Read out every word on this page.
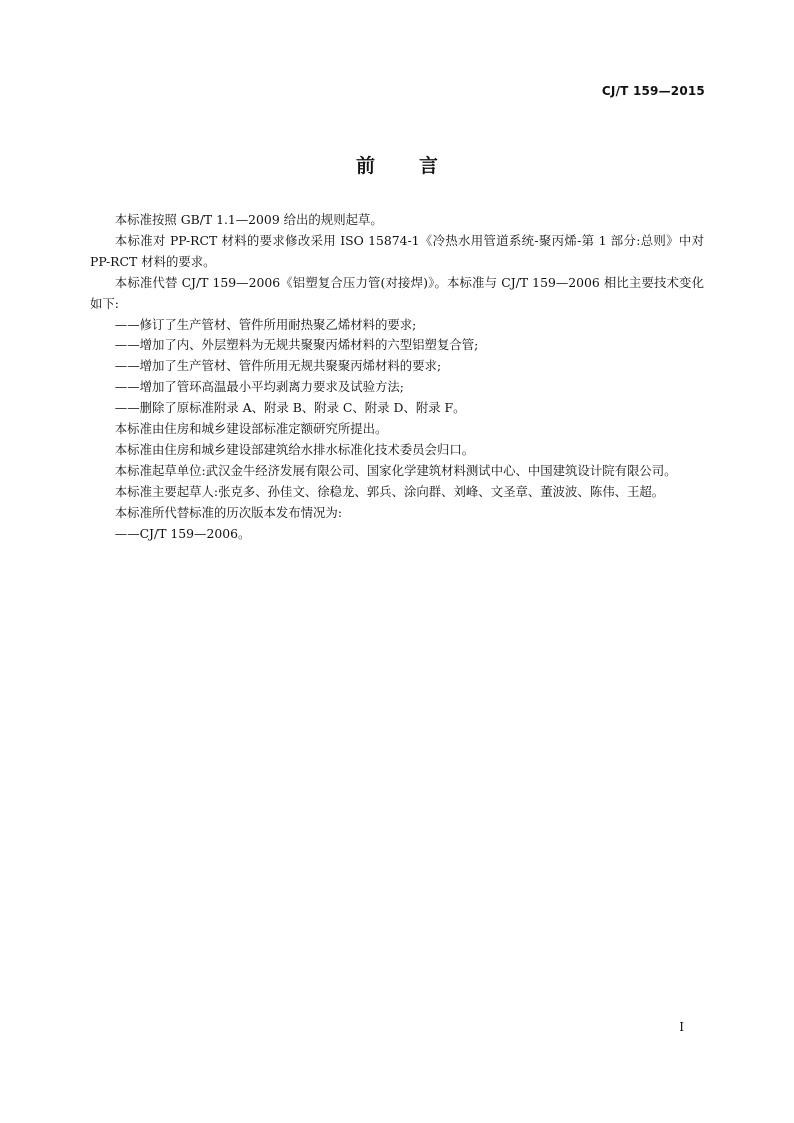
CJ/T 159—2015
前言

本标准按照 GB/T 1.1—2009 给出的规则起草。

本标准对 PP-RCT 材料的要求修改采用 ISO 15874-1《冷热水用管道系统-聚丙烯-第 1 部分:总则》中对 PP-RCT 材料的要求。

本标准代替 CJ/T 159—2006《铝塑复合压力管(对接焊)》。本标准与 CJ/T 159—2006 相比主要技术变化如下:

——修订了生产管材、管件所用耐热聚乙烯材料的要求;

——增加了内、外层塑料为无规共聚聚丙烯材料的六型铝塑复合管;

——增加了生产管材、管件所用无规共聚聚丙烯材料的要求;

——增加了管环高温最小平均剥离力要求及试验方法;

——删除了原标准附录 A、附录 B、附录 C、附录 D、附录 F。

本标准由住房和城乡建设部标准定额研究所提出。

本标准由住房和城乡建设部建筑给水排水标准化技术委员会归口。

本标准起草单位:武汉金牛经济发展有限公司、国家化学建筑材料测试中心、中国建筑设计院有限公司。

本标准主要起草人:张克多、孙佳文、徐稳龙、郭兵、涂向群、刘峰、文圣章、董波波、陈伟、王超。

本标准所代替标准的历次版本发布情况为:

——CJ/T 159—2006。

I
